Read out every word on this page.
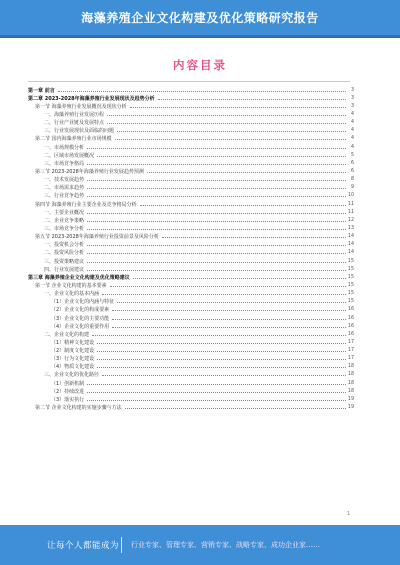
海藻养殖企业文化构建及优化策略研究报告
内容目录
第一章 前言	3
第二章 2023-2028年海藻养殖行业发展现状及趋势分析	3
第一节 海藻养殖行业发展概况及现状分析	3
一、海藻养殖行业发展历程	4
二、行业产业链及发展特点	4
三、行业发展现状及面临的问题	4
第二节 国内海藻养殖行业市场规模	4
一、市场规模分析	4
二、区域市场发展概况	5
三、市场竞争格局	6
第三节 2023-2028年海藻养殖行业发展趋势预测	6
一、技术发展趋势	8
二、市场需求趋势	9
三、行业竞争趋势	10
第四节 海藻养殖行业主要企业及竞争格局分析	11
一、主要企业概况	11
二、企业竞争策略	12
三、市场竞争分析	13
第五节 2023-2028年海藻养殖行业投资前景及风险分析	14
一、投资机会分析	14
二、投资风险分析	14
三、投资策略建议	15
四、行业发展建议	15
第三章 海藻养殖企业文化构建及优化策略建议	15
第一节 企业文化构建的基本要素	15
一、企业文化的基本内涵	15
（1）企业文化的内涵与特征	15
（2）企业文化的构成要素	16
（3）企业文化的主要功能	16
（4）企业文化的重要作用	16
二、企业文化的构建	16
（1）精神文化建设	17
（2）制度文化建设	17
（3）行为文化建设	17
（4）物质文化建设	18
三、企业文化的优化路径	18
（1）创新机制	18
（2）持续改进	18
（3）落实执行	19
第二节 企业文化构建的实施步骤与方法	19
1
让每个人都能成为 行业专家、管理专家、营销专家、战略专家、成功企业家……
